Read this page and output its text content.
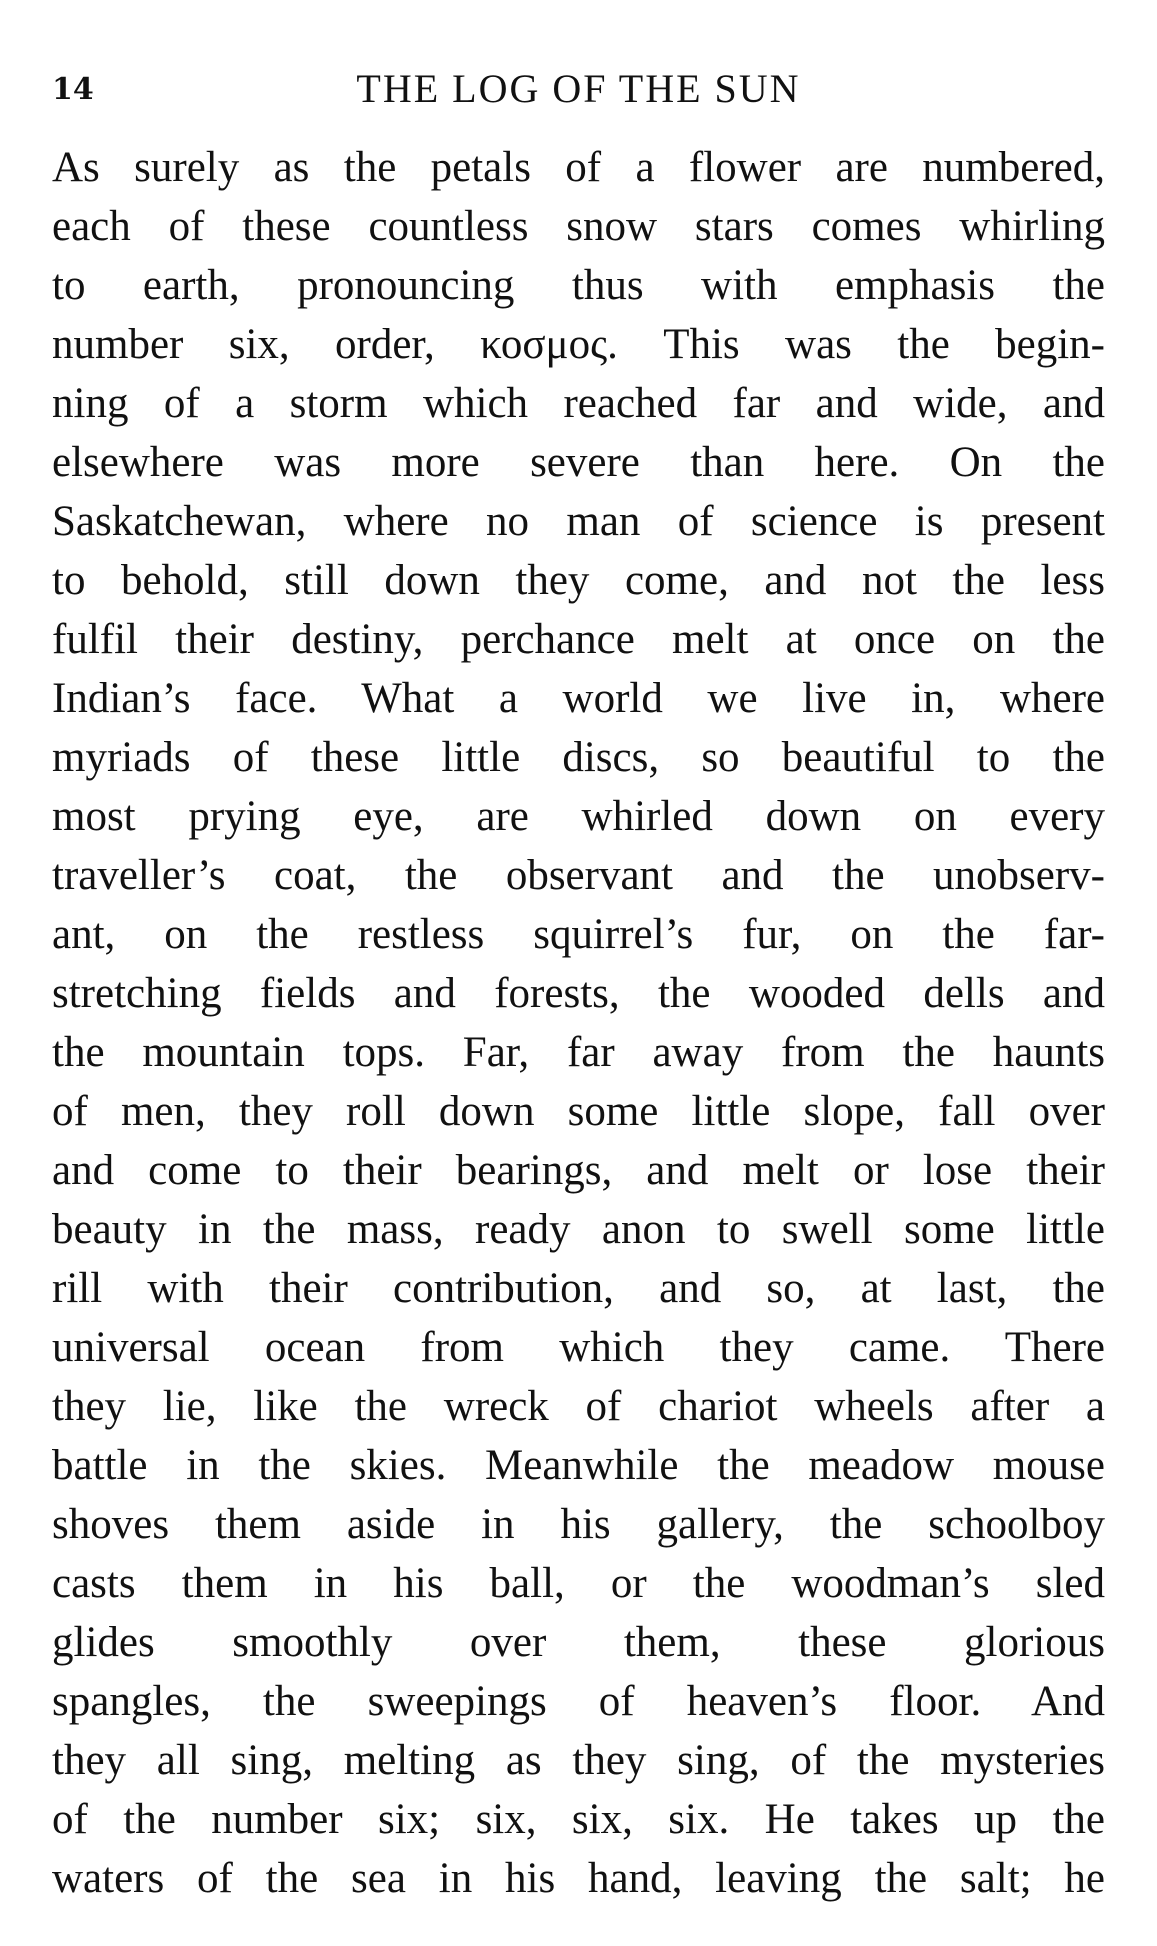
14	THE LOG OF THE SUN
As surely as the petals of a flower are numbered,
each of these countless snow stars comes whirling
to earth, pronouncing thus with emphasis the
number six, order, κοσμος. This was the begin-
ning of a storm which reached far and wide, and
elsewhere was more severe than here. On the
Saskatchewan, where no man of science is present
to behold, still down they come, and not the less
fulfil their destiny, perchance melt at once on the
Indian’s face. What a world we live in, where
myriads of these little discs, so beautiful to the
most prying eye, are whirled down on every
traveller’s coat, the observant and the unobserv-
ant, on the restless squirrel’s fur, on the far-
stretching fields and forests, the wooded dells and
the mountain tops. Far, far away from the haunts
of men, they roll down some little slope, fall over
and come to their bearings, and melt or lose their
beauty in the mass, ready anon to swell some little
rill with their contribution, and so, at last, the
universal ocean from which they came. There
they lie, like the wreck of chariot wheels after a
battle in the skies. Meanwhile the meadow mouse
shoves them aside in his gallery, the schoolboy
casts them in his ball, or the woodman’s sled
glides smoothly over them, these glorious
spangles, the sweepings of heaven’s floor. And
they all sing, melting as they sing, of the mysteries
of the number six; six, six, six. He takes up the
waters of the sea in his hand, leaving the salt; he
